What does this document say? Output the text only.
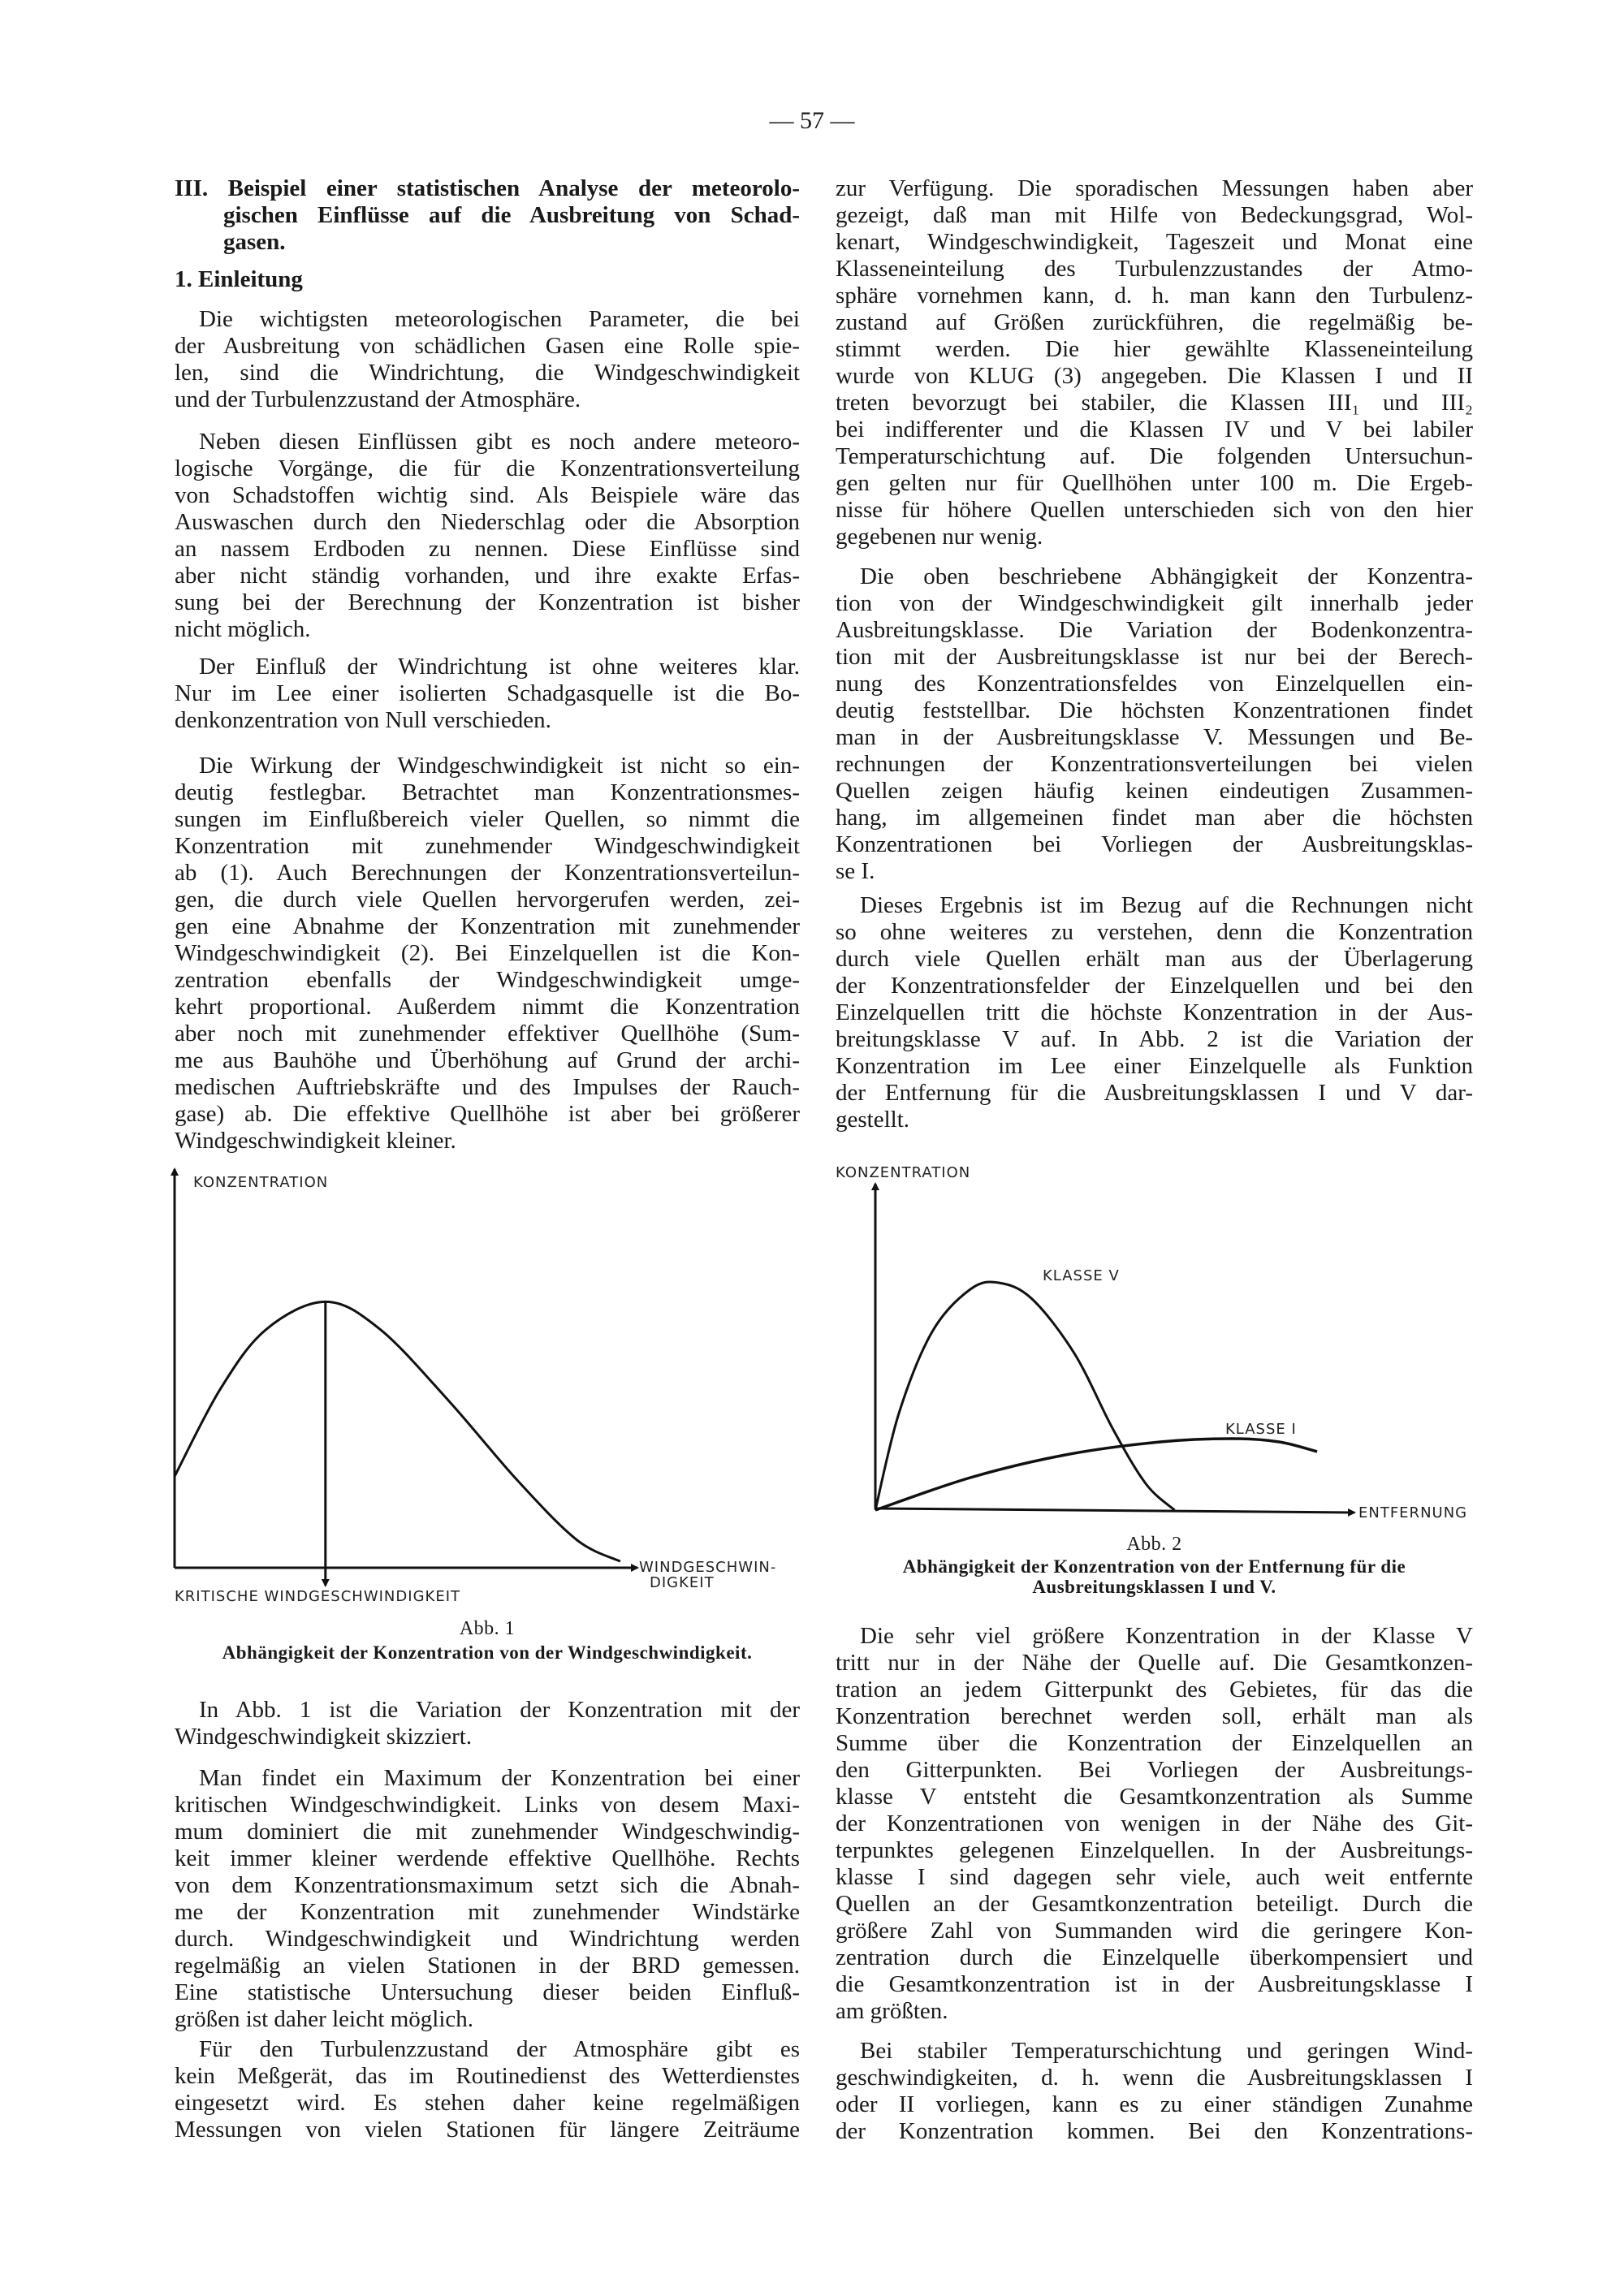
— 57 —
III. Beispiel einer statistischen Analyse der meteorolo-
gischen Einflüsse auf die Ausbreitung von Schad-
gasen.
1. Einleitung
Die wichtigsten meteorologischen Parameter, die bei
der Ausbreitung von schädlichen Gasen eine Rolle spie-
len, sind die Windrichtung, die Windgeschwindigkeit
und der Turbulenzzustand der Atmosphäre.
Neben diesen Einflüssen gibt es noch andere meteoro-
logische Vorgänge, die für die Konzentrationsverteilung
von Schadstoffen wichtig sind. Als Beispiele wäre das
Auswaschen durch den Niederschlag oder die Absorption
an nassem Erdboden zu nennen. Diese Einflüsse sind
aber nicht ständig vorhanden, und ihre exakte Erfas-
sung bei der Berechnung der Konzentration ist bisher
nicht möglich.
Der Einfluß der Windrichtung ist ohne weiteres klar.
Nur im Lee einer isolierten Schadgasquelle ist die Bo-
denkonzentration von Null verschieden.
Die Wirkung der Windgeschwindigkeit ist nicht so ein-
deutig festlegbar. Betrachtet man Konzentrationsmes-
sungen im Einflußbereich vieler Quellen, so nimmt die
Konzentration mit zunehmender Windgeschwindigkeit
ab (1). Auch Berechnungen der Konzentrationsverteilun-
gen, die durch viele Quellen hervorgerufen werden, zei-
gen eine Abnahme der Konzentration mit zunehmender
Windgeschwindigkeit (2). Bei Einzelquellen ist die Kon-
zentration ebenfalls der Windgeschwindigkeit umge-
kehrt proportional. Außerdem nimmt die Konzentration
aber noch mit zunehmender effektiver Quellhöhe (Sum-
me aus Bauhöhe und Überhöhung auf Grund der archi-
medischen Auftriebskräfte und des Impulses der Rauch-
gase) ab. Die effektive Quellhöhe ist aber bei größerer
Windgeschwindigkeit kleiner.
In Abb. 1 ist die Variation der Konzentration mit der
Windgeschwindigkeit skizziert.
Man findet ein Maximum der Konzentration bei einer
kritischen Windgeschwindigkeit. Links von desem Maxi-
mum dominiert die mit zunehmender Windgeschwindig-
keit immer kleiner werdende effektive Quellhöhe. Rechts
von dem Konzentrationsmaximum setzt sich die Abnah-
me der Konzentration mit zunehmender Windstärke
durch. Windgeschwindigkeit und Windrichtung werden
regelmäßig an vielen Stationen in der BRD gemessen.
Eine statistische Untersuchung dieser beiden Einfluß-
größen ist daher leicht möglich.
Für den Turbulenzzustand der Atmosphäre gibt es
kein Meßgerät, das im Routinedienst des Wetterdienstes
eingesetzt wird. Es stehen daher keine regelmäßigen
Messungen von vielen Stationen für längere Zeiträume
zur Verfügung. Die sporadischen Messungen haben aber
gezeigt, daß man mit Hilfe von Bedeckungsgrad, Wol-
kenart, Windgeschwindigkeit, Tageszeit und Monat eine
Klasseneinteilung des Turbulenzzustandes der Atmo-
sphäre vornehmen kann, d. h. man kann den Turbulenz-
zustand auf Größen zurückführen, die regelmäßig be-
stimmt werden. Die hier gewählte Klasseneinteilung
wurde von KLUG (3) angegeben. Die Klassen I und II
treten bevorzugt bei stabiler, die Klassen III₁ und III₂
bei indifferenter und die Klassen IV und V bei labiler
Temperaturschichtung auf. Die folgenden Untersuchun-
gen gelten nur für Quellhöhen unter 100 m. Die Ergeb-
nisse für höhere Quellen unterschieden sich von den hier
gegebenen nur wenig.
Die oben beschriebene Abhängigkeit der Konzentra-
tion von der Windgeschwindigkeit gilt innerhalb jeder
Ausbreitungsklasse. Die Variation der Bodenkonzentra-
tion mit der Ausbreitungsklasse ist nur bei der Berech-
nung des Konzentrationsfeldes von Einzelquellen ein-
deutig feststellbar. Die höchsten Konzentrationen findet
man in der Ausbreitungsklasse V. Messungen und Be-
rechnungen der Konzentrationsverteilungen bei vielen
Quellen zeigen häufig keinen eindeutigen Zusammen-
hang, im allgemeinen findet man aber die höchsten
Konzentrationen bei Vorliegen der Ausbreitungsklas-
se I.
Dieses Ergebnis ist im Bezug auf die Rechnungen nicht
so ohne weiteres zu verstehen, denn die Konzentration
durch viele Quellen erhält man aus der Überlagerung
der Konzentrationsfelder der Einzelquellen und bei den
Einzelquellen tritt die höchste Konzentration in der Aus-
breitungsklasse V auf. In Abb. 2 ist die Variation der
Konzentration im Lee einer Einzelquelle als Funktion
der Entfernung für die Ausbreitungsklassen I und V dar-
gestellt.
Die sehr viel größere Konzentration in der Klasse V
tritt nur in der Nähe der Quelle auf. Die Gesamtkonzen-
tration an jedem Gitterpunkt des Gebietes, für das die
Konzentration berechnet werden soll, erhält man als
Summe über die Konzentration der Einzelquellen an
den Gitterpunkten. Bei Vorliegen der Ausbreitungs-
klasse V entsteht die Gesamtkonzentration als Summe
der Konzentrationen von wenigen in der Nähe des Git-
terpunktes gelegenen Einzelquellen. In der Ausbreitungs-
klasse I sind dagegen sehr viele, auch weit entfernte
Quellen an der Gesamtkonzentration beteiligt. Durch die
größere Zahl von Summanden wird die geringere Kon-
zentration durch die Einzelquelle überkompensiert und
die Gesamtkonzentration ist in der Ausbreitungsklasse I
am größten.
Bei stabiler Temperaturschichtung und geringen Wind-
geschwindigkeiten, d. h. wenn die Ausbreitungsklassen I
oder II vorliegen, kann es zu einer ständigen Zunahme
der Konzentration kommen. Bei den Konzentrations-
KONZENTRATION
WINDGESCHWIN-
DIGKEIT
KRITISCHE WINDGESCHWINDIGKEIT
KONZENTRATION
ENTFERNUNG
KLASSE V
KLASSE I
Abb. 1
Abhängigkeit der Konzentration von der Windgeschwindigkeit.
Abb. 2
Abhängigkeit der Konzentration von der Entfernung für die
Ausbreitungsklassen I und V.
